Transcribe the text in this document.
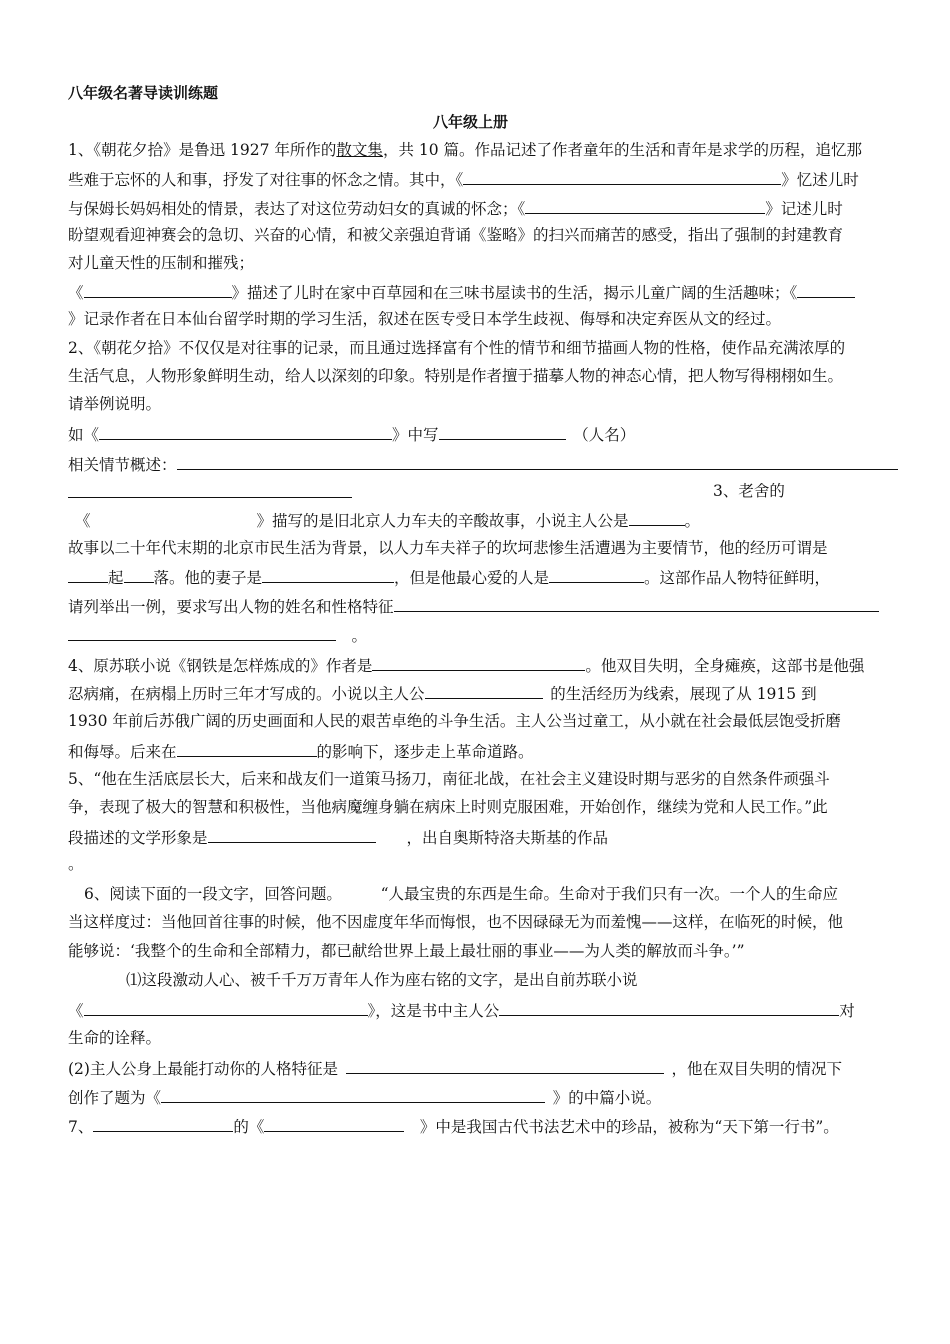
八年级名著导读训练题
八年级上册
1、《朝花夕拾》是鲁迅 1927 年所作的散文集，共 10 篇。作品记述了作者童年的生活和青年是求学的历程，追忆那
些难于忘怀的人和事，抒发了对往事的怀念之情。其中，《	》忆述儿时
与保姆长妈妈相处的情景，表达了对这位劳动妇女的真诚的怀念；《	》记述儿时
盼望观看迎神赛会的急切、兴奋的心情，和被父亲强迫背诵《鉴略》的扫兴而痛苦的感受，指出了强制的封建教育
对儿童天性的压制和摧残；
《	》描述了儿时在家中百草园和在三味书屋读书的生活，揭示儿童广阔的生活趣味；《
》记录作者在日本仙台留学时期的学习生活，叙述在医专受日本学生歧视、侮辱和决定弃医从文的经过。
2、《朝花夕拾》不仅仅是对往事的记录，而且通过选择富有个性的情节和细节描画人物的性格，使作品充满浓厚的
生活气息，人物形象鲜明生动，给人以深刻的印象。特别是作者擅于描摹人物的神态心情，把人物写得栩栩如生。
请举例说明。
如《	》中写　	（人名）
相关情节概述：
3、老舍的
《	》描写的是旧北京人力车夫的辛酸故事，小说主人公是	。
故事以二十年代末期的北京市民生活为背景，以人力车夫祥子的坎坷悲惨生活遭遇为主要情节，他的经历可谓是
起 落。他的妻子是	，但是他最心爱的人是	。这部作品人物特征鲜明，
请列举出一例，要求写出人物的姓名和性格特征
　。
4、原苏联小说《钢铁是怎样炼成的》作者是	。他双目失明，全身瘫痪，这部书是他强
忍病痛，在病榻上历时三年才写成的。小说以主人公 	的生活经历为线索，展现了从 1915 到
1930 年前后苏俄广阔的历史画面和人民的艰苦卓绝的斗争生活。主人公当过童工，从小就在社会最低层饱受折磨
和侮辱。后来在	的影响下，逐步走上革命道路。
5、“他在生活底层长大，后来和战友们一道策马扬刀，南征北战，在社会主义建设时期与恶劣的自然条件顽强斗
争，表现了极大的智慧和积极性，当他病魔缠身躺在病床上时则克服困难，开始创作，继续为党和人民工作。”此
段描述的文学形象是　　	，出自奥斯特洛夫斯基的作品
。
6、阅读下面的一段文字，回答问题。　　　“人最宝贵的东西是生命。生命对于我们只有一次。一个人的生命应
当这样度过：当他回首往事的时候，他不因虚度年华而悔恨，也不因碌碌无为而羞愧——这样，在临死的时候，他
能够说：‘我整个的生命和全部精力，都已献给世界上最上最壮丽的事业——为人类的解放而斗争。’”
⑴这段激动人心、被千千万万青年人作为座右铭的文字，是出自前苏联小说
《	》，这是书中主人公	对
生命的诠释。
(2)主人公身上最能打动你的人格特征是  	，他在双目失明的情况下
创作了题为《 	》的中篇小说。
7、	的《　	》中是我国古代书法艺术中的珍品，被称为“天下第一行书”。
